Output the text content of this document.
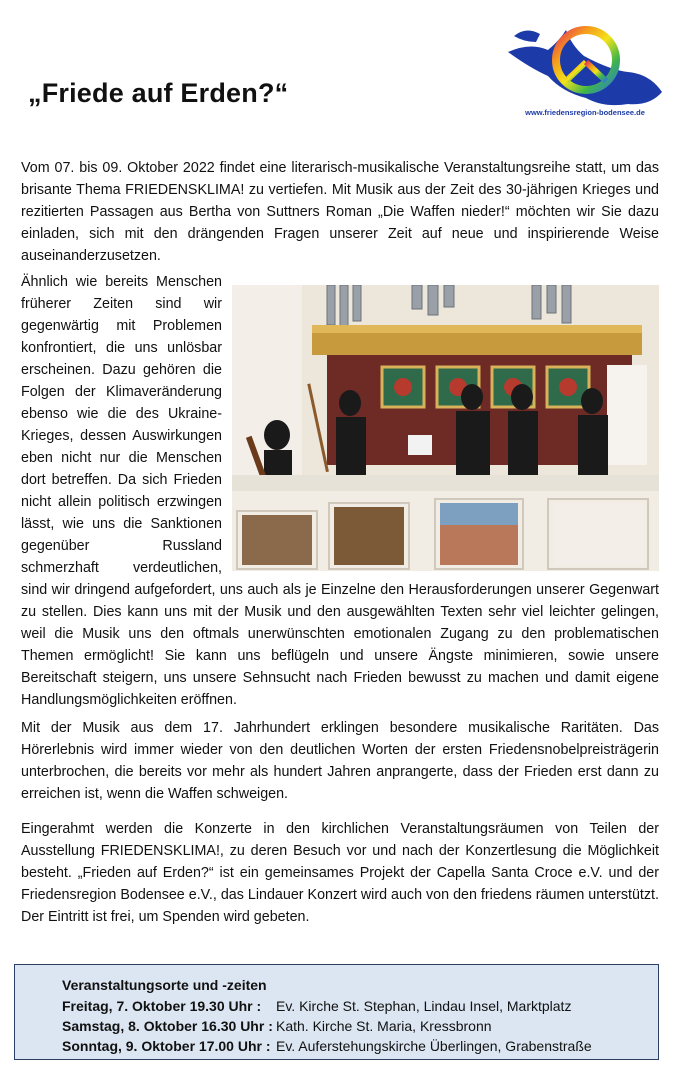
„Friede auf Erden?“
www.friedensregion-bodensee.de

Vom 07. bis 09. Oktober 2022 findet eine literarisch-musikalische Veranstaltungsreihe statt, um das brisante Thema FRIEDENSKLIMA! zu vertiefen. Mit Musik aus der Zeit des 30-jährigen Krieges und rezitierten Passagen aus Bertha von Suttners Roman „Die Waffen nieder!“ möchten wir Sie dazu einladen, sich mit den drängenden Fragen unserer Zeit auf neue und inspirierende Weise auseinanderzusetzen.

Ähnlich wie bereits Menschen früherer Zeiten sind wir gegenwärtig mit Problemen konfrontiert, die uns unlösbar erscheinen. Dazu gehören die Folgen der Klimaveränderung ebenso wie die des Ukraine-Krieges, dessen Auswirkungen eben nicht nur die Menschen dort betreffen. Da sich Frieden nicht allein politisch erzwingen lässt, wie uns die Sanktionen gegenüber Russland schmerzhaft verdeutlichen, sind wir dringend aufgefordert, uns auch als je Einzelne den Herausforderungen unserer Gegenwart zu stellen. Dies kann uns mit der Musik und den ausgewählten Texten sehr viel leichter gelingen, weil die Musik uns den oftmals unerwünschten emotionalen Zugang zu den problematischen Themen ermöglicht! Sie kann uns beflügeln und unsere Ängste minimieren, sowie unsere Bereitschaft steigern, uns unsere Sehnsucht nach Frieden bewusst zu machen und damit eigene Handlungsmöglichkeiten eröffnen.

Mit der Musik aus dem 17. Jahrhundert erklingen besondere musikalische Raritäten. Das Hörerlebnis wird immer wieder von den deutlichen Worten der ersten Friedensnobelpreisträgerin unterbrochen, die bereits vor mehr als hundert Jahren anprangerte, dass der Frieden erst dann zu erreichen ist, wenn die Waffen schweigen.

Eingerahmt werden die Konzerte in den kirchlichen Veranstaltungsräumen von Teilen der Ausstellung FRIEDENSKLIMA!, zu deren Besuch vor und nach der Konzertlesung die Möglichkeit besteht. „Frieden auf Erden?“ ist ein gemeinsames Projekt der Capella Santa Croce e.V. und der Friedensregion Bodensee e.V., das Lindauer Konzert wird auch von den friedens räumen unterstützt. Der Eintritt ist frei, um Spenden wird gebeten.

Veranstaltungsorte und -zeiten
Freitag, 7. Oktober 19.30 Uhr : Ev. Kirche St. Stephan, Lindau Insel, Marktplatz
Samstag, 8. Oktober 16.30 Uhr : Kath. Kirche St. Maria, Kressbronn
Sonntag, 9. Oktober 17.00 Uhr : Ev. Auferstehungskirche Überlingen, Grabenstraße
